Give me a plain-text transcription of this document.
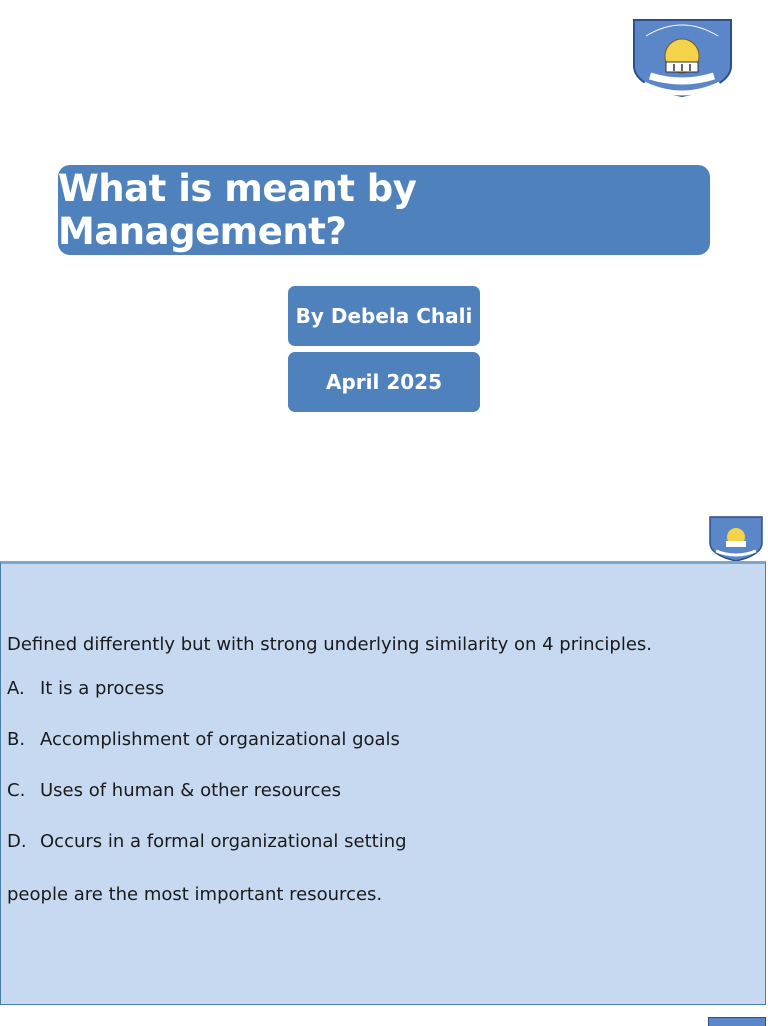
What is meant by Management?
By Debela Chali
April 2025
Defined differently but with strong underlying similarity on 4 principles.
A. It is a process
B. Accomplishment of organizational goals
C. Uses of human & other resources
D. Occurs in a formal organizational setting
people are the most important resources.
